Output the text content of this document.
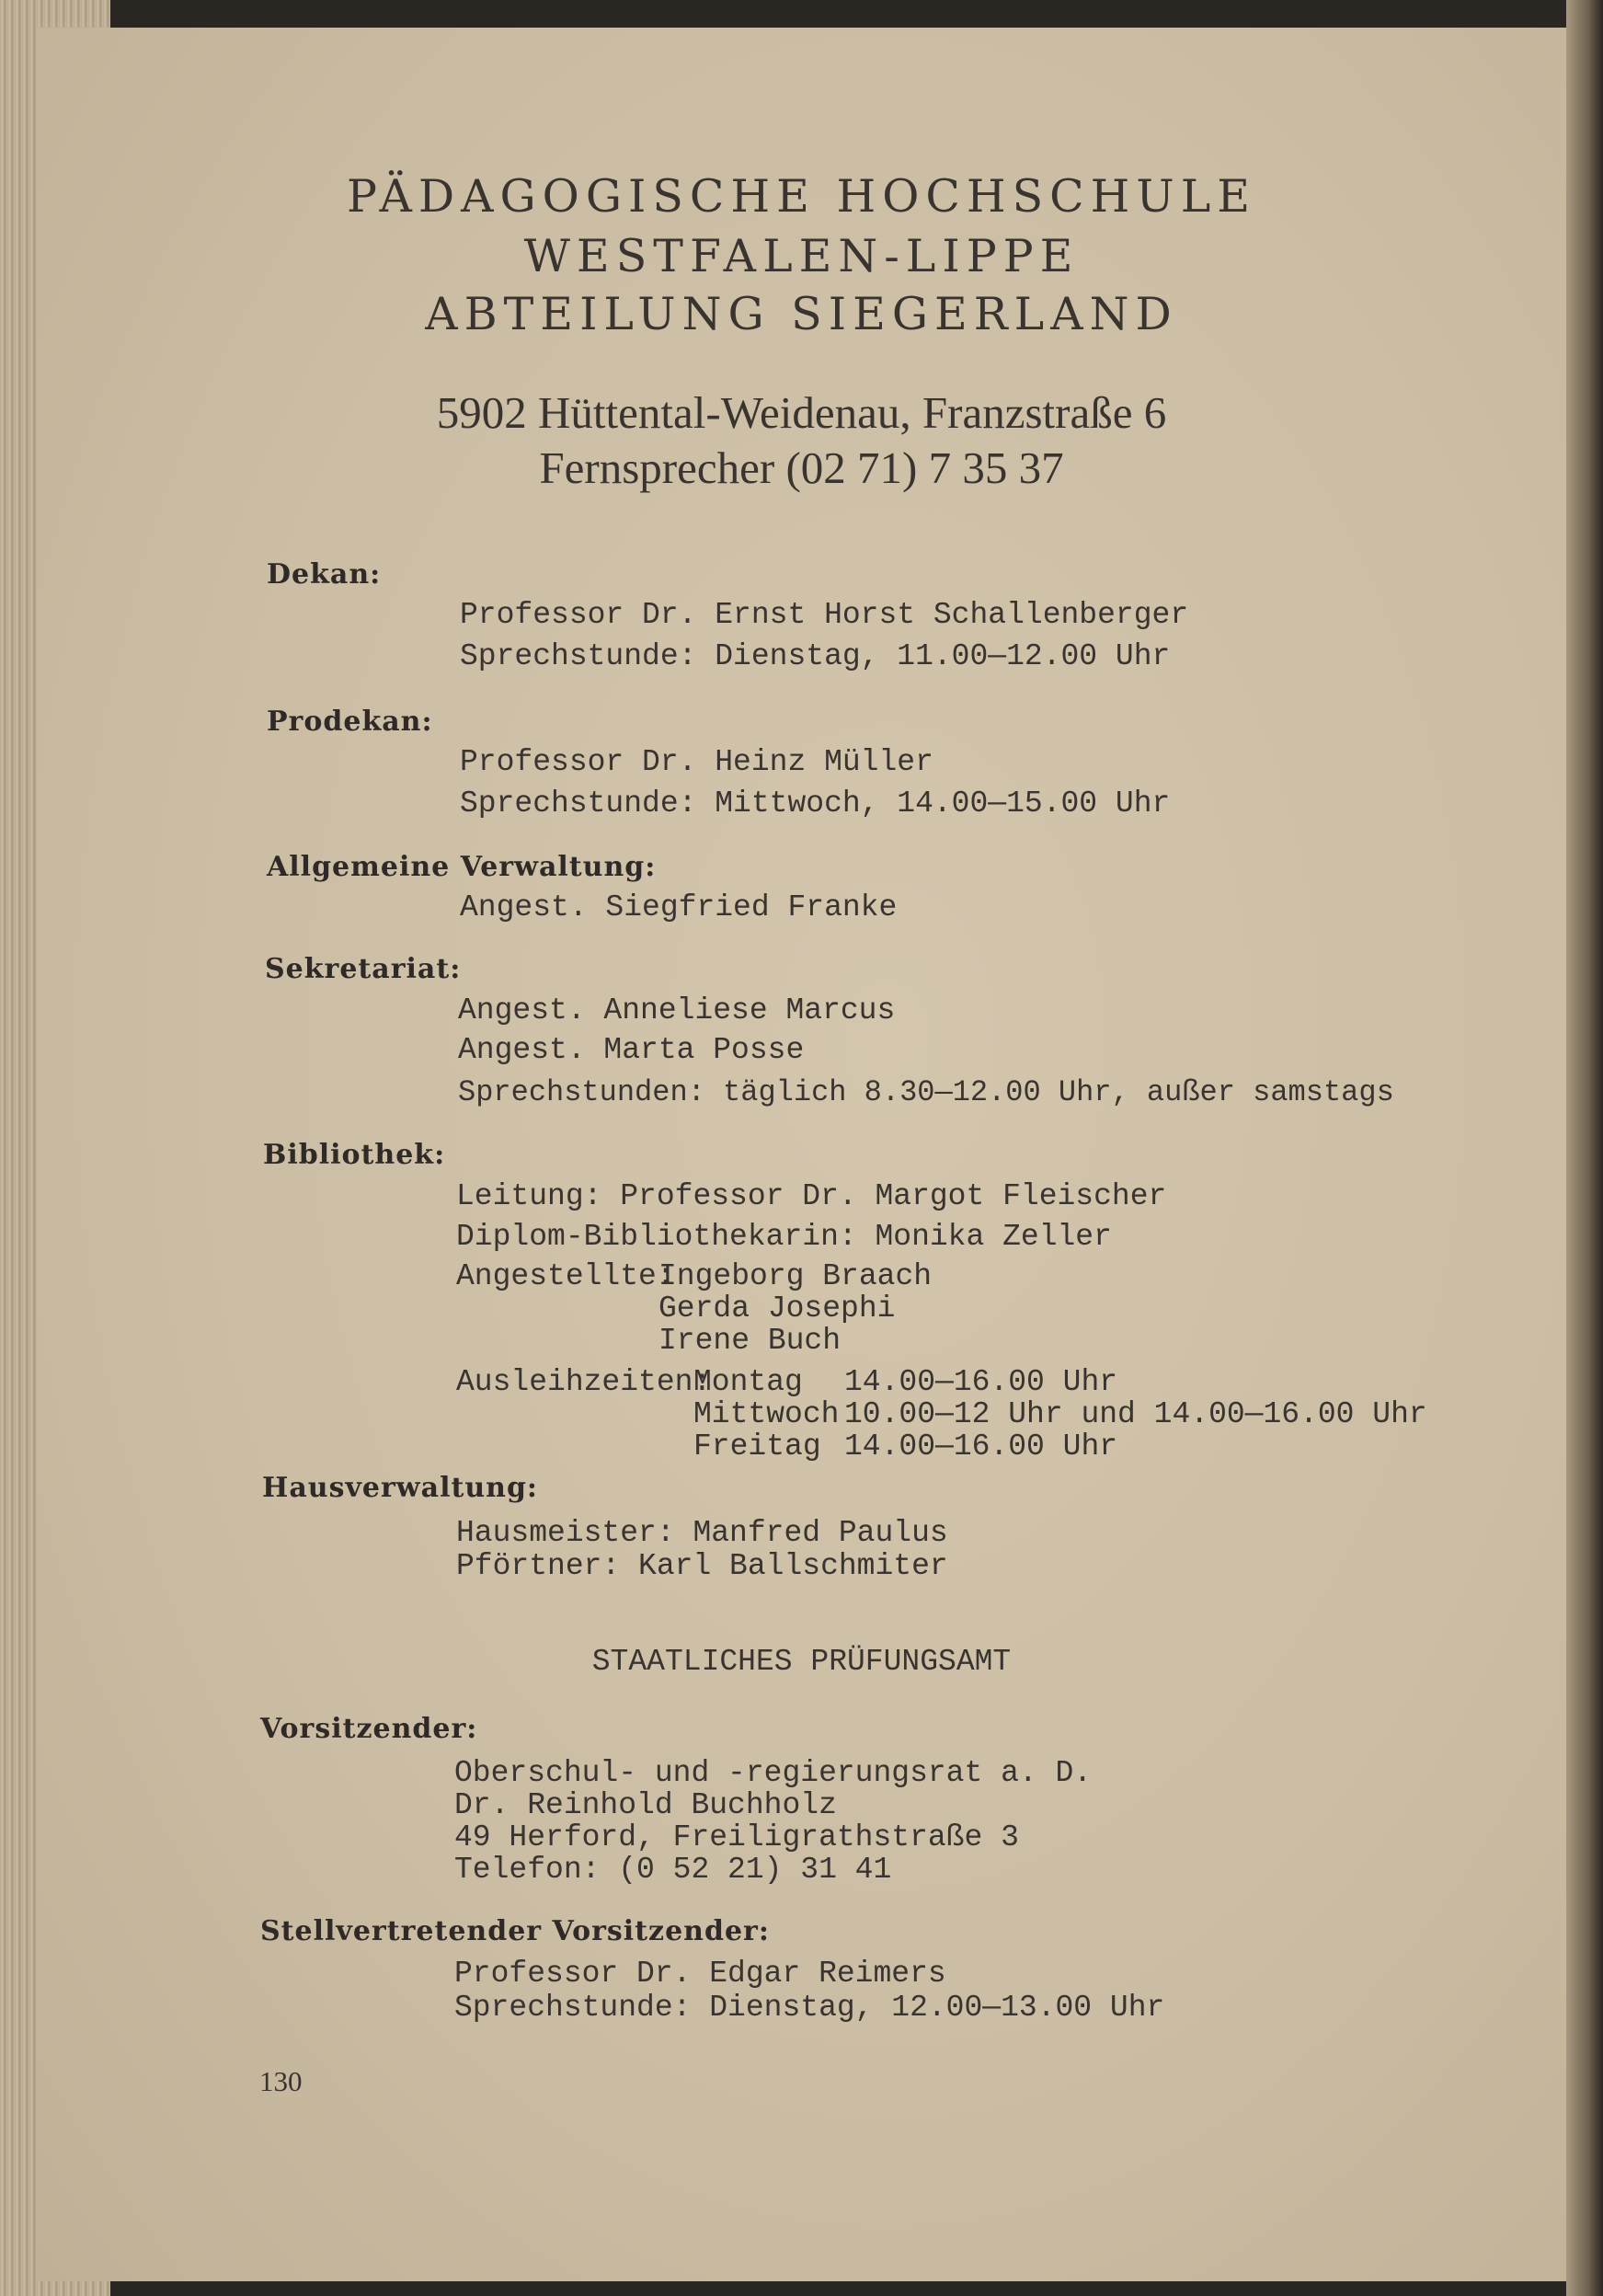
PÄDAGOGISCHE HOCHSCHULE
WESTFALEN-LIPPE
ABTEILUNG SIEGERLAND
5902 Hüttental-Weidenau, Franzstraße 6
Fernsprecher (02 71) 7 35 37
Dekan:
Professor Dr. Ernst Horst Schallenberger
Sprechstunde: Dienstag, 11.00—12.00 Uhr
Prodekan:
Professor Dr. Heinz Müller
Sprechstunde: Mittwoch, 14.00—15.00 Uhr
Allgemeine Verwaltung:
Angest. Siegfried Franke
Sekretariat:
Angest. Anneliese Marcus
Angest. Marta Posse
Sprechstunden: täglich 8.30—12.00 Uhr, außer samstags
Bibliothek:
Leitung: Professor Dr. Margot Fleischer
Diplom-Bibliothekarin: Monika Zeller
Angestellte:
Ingeborg Braach
Gerda Josephi
Irene Buch
Ausleihzeiten:
Montag 14.00—16.00 Uhr
Mittwoch 10.00—12 Uhr und 14.00—16.00 Uhr
Freitag 14.00—16.00 Uhr
Hausverwaltung:
Hausmeister: Manfred Paulus
Pförtner: Karl Ballschmiter
STAATLICHES PRÜFUNGSAMT
Vorsitzender:
Oberschul- und -regierungsrat a. D.
Dr. Reinhold Buchholz
49 Herford, Freiligrathstraße 3
Telefon: (0 52 21) 31 41
Stellvertretender Vorsitzender:
Professor Dr. Edgar Reimers
Sprechstunde: Dienstag, 12.00—13.00 Uhr
130
